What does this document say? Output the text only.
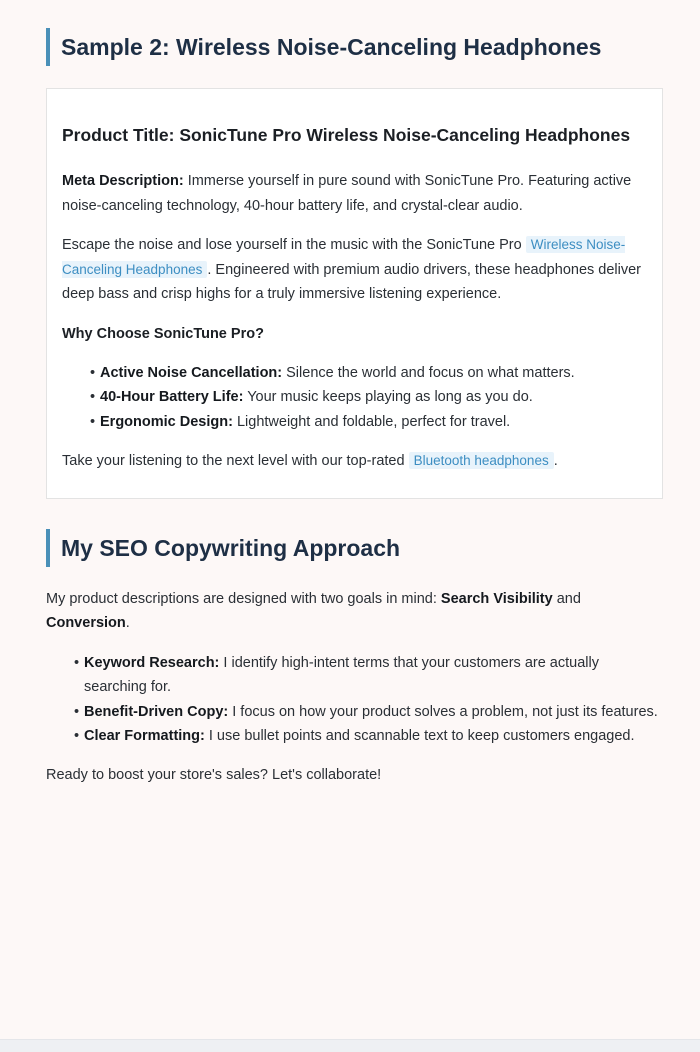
Sample 2: Wireless Noise-Canceling Headphones
Product Title: SonicTune Pro Wireless Noise-Canceling Headphones

Meta Description: Immerse yourself in pure sound with SonicTune Pro. Featuring active noise-canceling technology, 40-hour battery life, and crystal-clear audio.

Escape the noise and lose yourself in the music with the SonicTune Pro Wireless Noise-Canceling Headphones . Engineered with premium audio drivers, these headphones deliver deep bass and crisp highs for a truly immersive listening experience.

Why Choose SonicTune Pro?
• Active Noise Cancellation: Silence the world and focus on what matters.
• 40-Hour Battery Life: Your music keeps playing as long as you do.
• Ergonomic Design: Lightweight and foldable, perfect for travel.

Take your listening to the next level with our top-rated Bluetooth headphones .

My SEO Copywriting Approach

My product descriptions are designed with two goals in mind: Search Visibility and Conversion.

• Keyword Research: I identify high-intent terms that your customers are actually searching for.
• Benefit-Driven Copy: I focus on how your product solves a problem, not just its features.
• Clear Formatting: I use bullet points and scannable text to keep customers engaged.

Ready to boost your store's sales? Let's collaborate!
